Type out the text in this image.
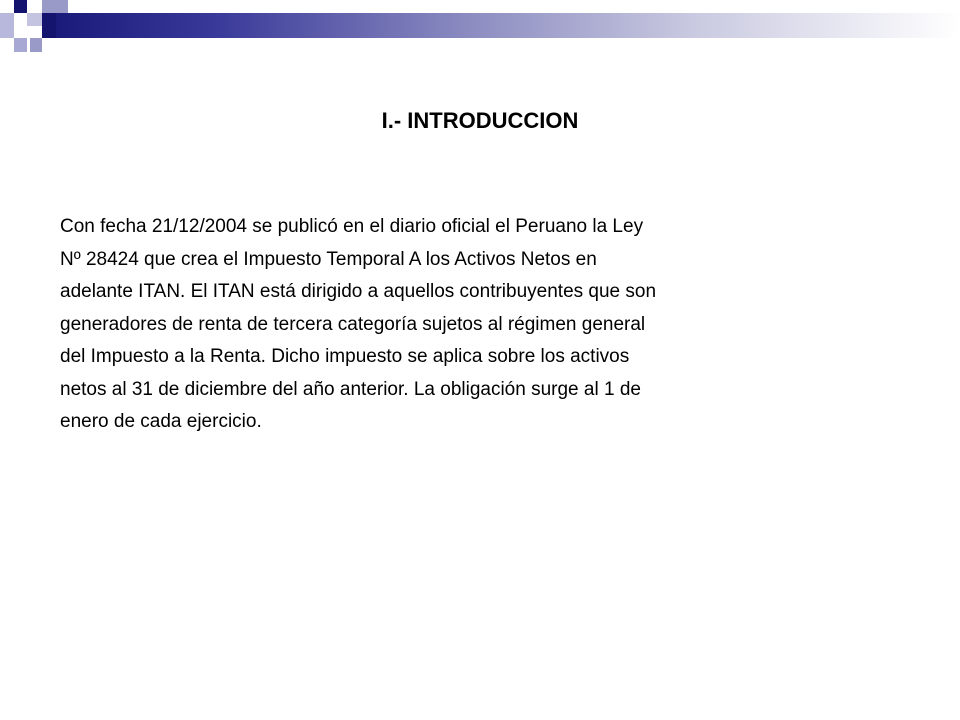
I.- INTRODUCCION

Con fecha 21/12/2004 se publicó en el diario oficial el Peruano la Ley
Nº 28424 que crea el Impuesto Temporal A los Activos Netos en
adelante ITAN. El ITAN está dirigido a aquellos contribuyentes que son
generadores de renta de tercera categoría sujetos al régimen general
del Impuesto a la Renta. Dicho impuesto se aplica sobre los activos
netos al 31 de diciembre del año anterior. La obligación surge al 1 de
enero de cada ejercicio.
